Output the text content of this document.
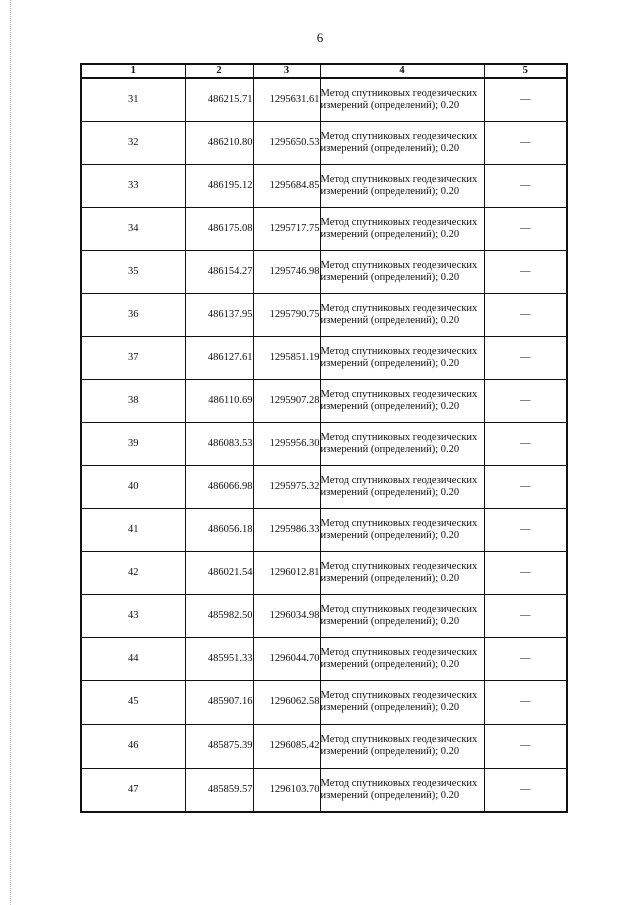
6
1	2	3	4	5
31	486215.71	1295631.61	Метод спутниковых геодезических измерений (определений); 0.20	—
32	486210.80	1295650.53	Метод спутниковых геодезических измерений (определений); 0.20	—
33	486195.12	1295684.85	Метод спутниковых геодезических измерений (определений); 0.20	—
34	486175.08	1295717.75	Метод спутниковых геодезических измерений (определений); 0.20	—
35	486154.27	1295746.98	Метод спутниковых геодезических измерений (определений); 0.20	—
36	486137.95	1295790.75	Метод спутниковых геодезических измерений (определений); 0.20	—
37	486127.61	1295851.19	Метод спутниковых геодезических измерений (определений); 0.20	—
38	486110.69	1295907.28	Метод спутниковых геодезических измерений (определений); 0.20	—
39	486083.53	1295956.30	Метод спутниковых геодезических измерений (определений); 0.20	—
40	486066.98	1295975.32	Метод спутниковых геодезических измерений (определений); 0.20	—
41	486056.18	1295986.33	Метод спутниковых геодезических измерений (определений); 0.20	—
42	486021.54	1296012.81	Метод спутниковых геодезических измерений (определений); 0.20	—
43	485982.50	1296034.98	Метод спутниковых геодезических измерений (определений); 0.20	—
44	485951.33	1296044.70	Метод спутниковых геодезических измерений (определений); 0.20	—
45	485907.16	1296062.58	Метод спутниковых геодезических измерений (определений); 0.20	—
46	485875.39	1296085.42	Метод спутниковых геодезических измерений (определений); 0.20	—
47	485859.57	1296103.70	Метод спутниковых геодезических измерений (определений); 0.20	—
